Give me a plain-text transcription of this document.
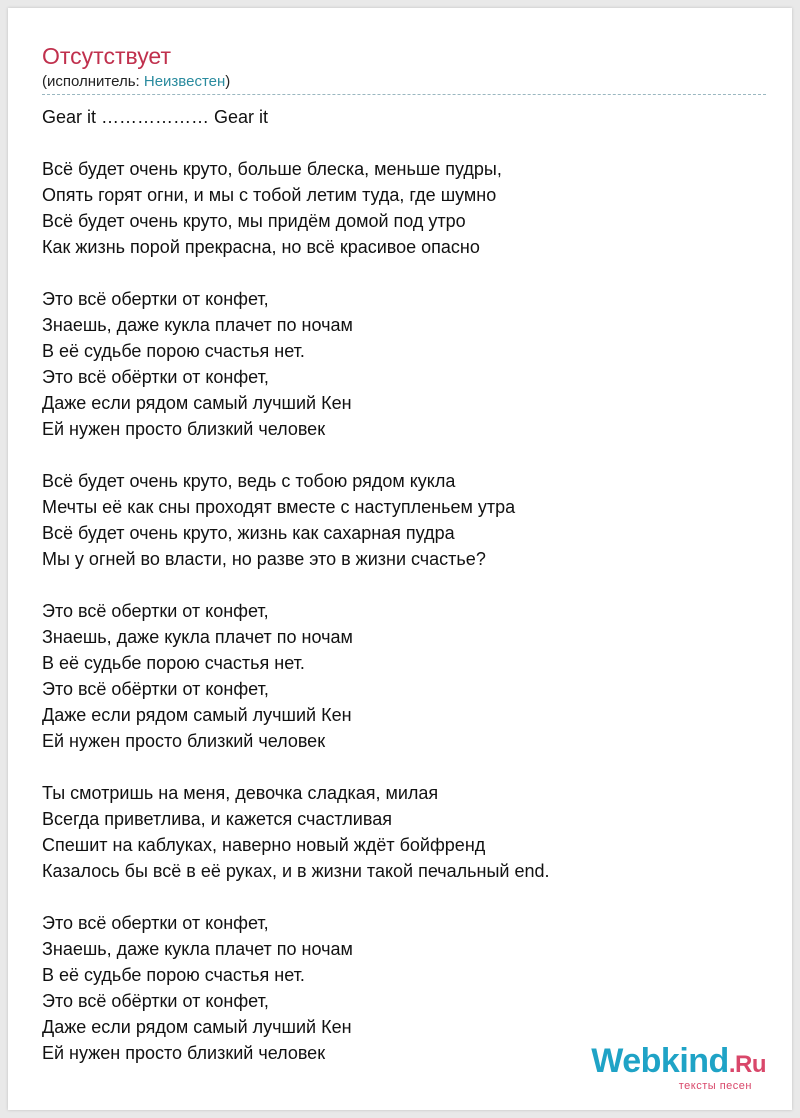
Отсутствует
(исполнитель: Неизвестен)
Gear it ……………… Gear it
Всё будет очень круто, больше блеска, меньше пудры,
Опять горят огни, и мы с тобой летим туда, где шумно
Всё будет очень круто, мы придём домой под утро
Как жизнь порой прекрасна, но всё красивое опасно
Это всё обертки от конфет,
Знаешь, даже кукла плачет по ночам
В её судьбе порою счастья нет.
Это всё обёртки от конфет,
Даже если рядом самый лучший Кен
Ей нужен просто близкий человек
Всё будет очень круто, ведь с тобою рядом кукла
Мечты её как сны проходят вместе с наступленьем утра
Всё будет очень круто, жизнь как сахарная пудра
Мы у огней во власти, но разве это в жизни счастье?
Это всё обертки от конфет,
Знаешь, даже кукла плачет по ночам
В её судьбе порою счастья нет.
Это всё обёртки от конфет,
Даже если рядом самый лучший Кен
Ей нужен просто близкий человек
Ты смотришь на меня, девочка сладкая, милая
Всегда приветлива, и кажется счастливая
Спешит на каблуках, наверно новый ждёт бойфренд
Казалось бы всё в её руках, и в жизни такой печальный end.
Это всё обертки от конфет,
Знаешь, даже кукла плачет по ночам
В её судьбе порою счастья нет.
Это всё обёртки от конфет,
Даже если рядом самый лучший Кен
Ей нужен просто близкий человек	Webkind.Ru
тексты песен
